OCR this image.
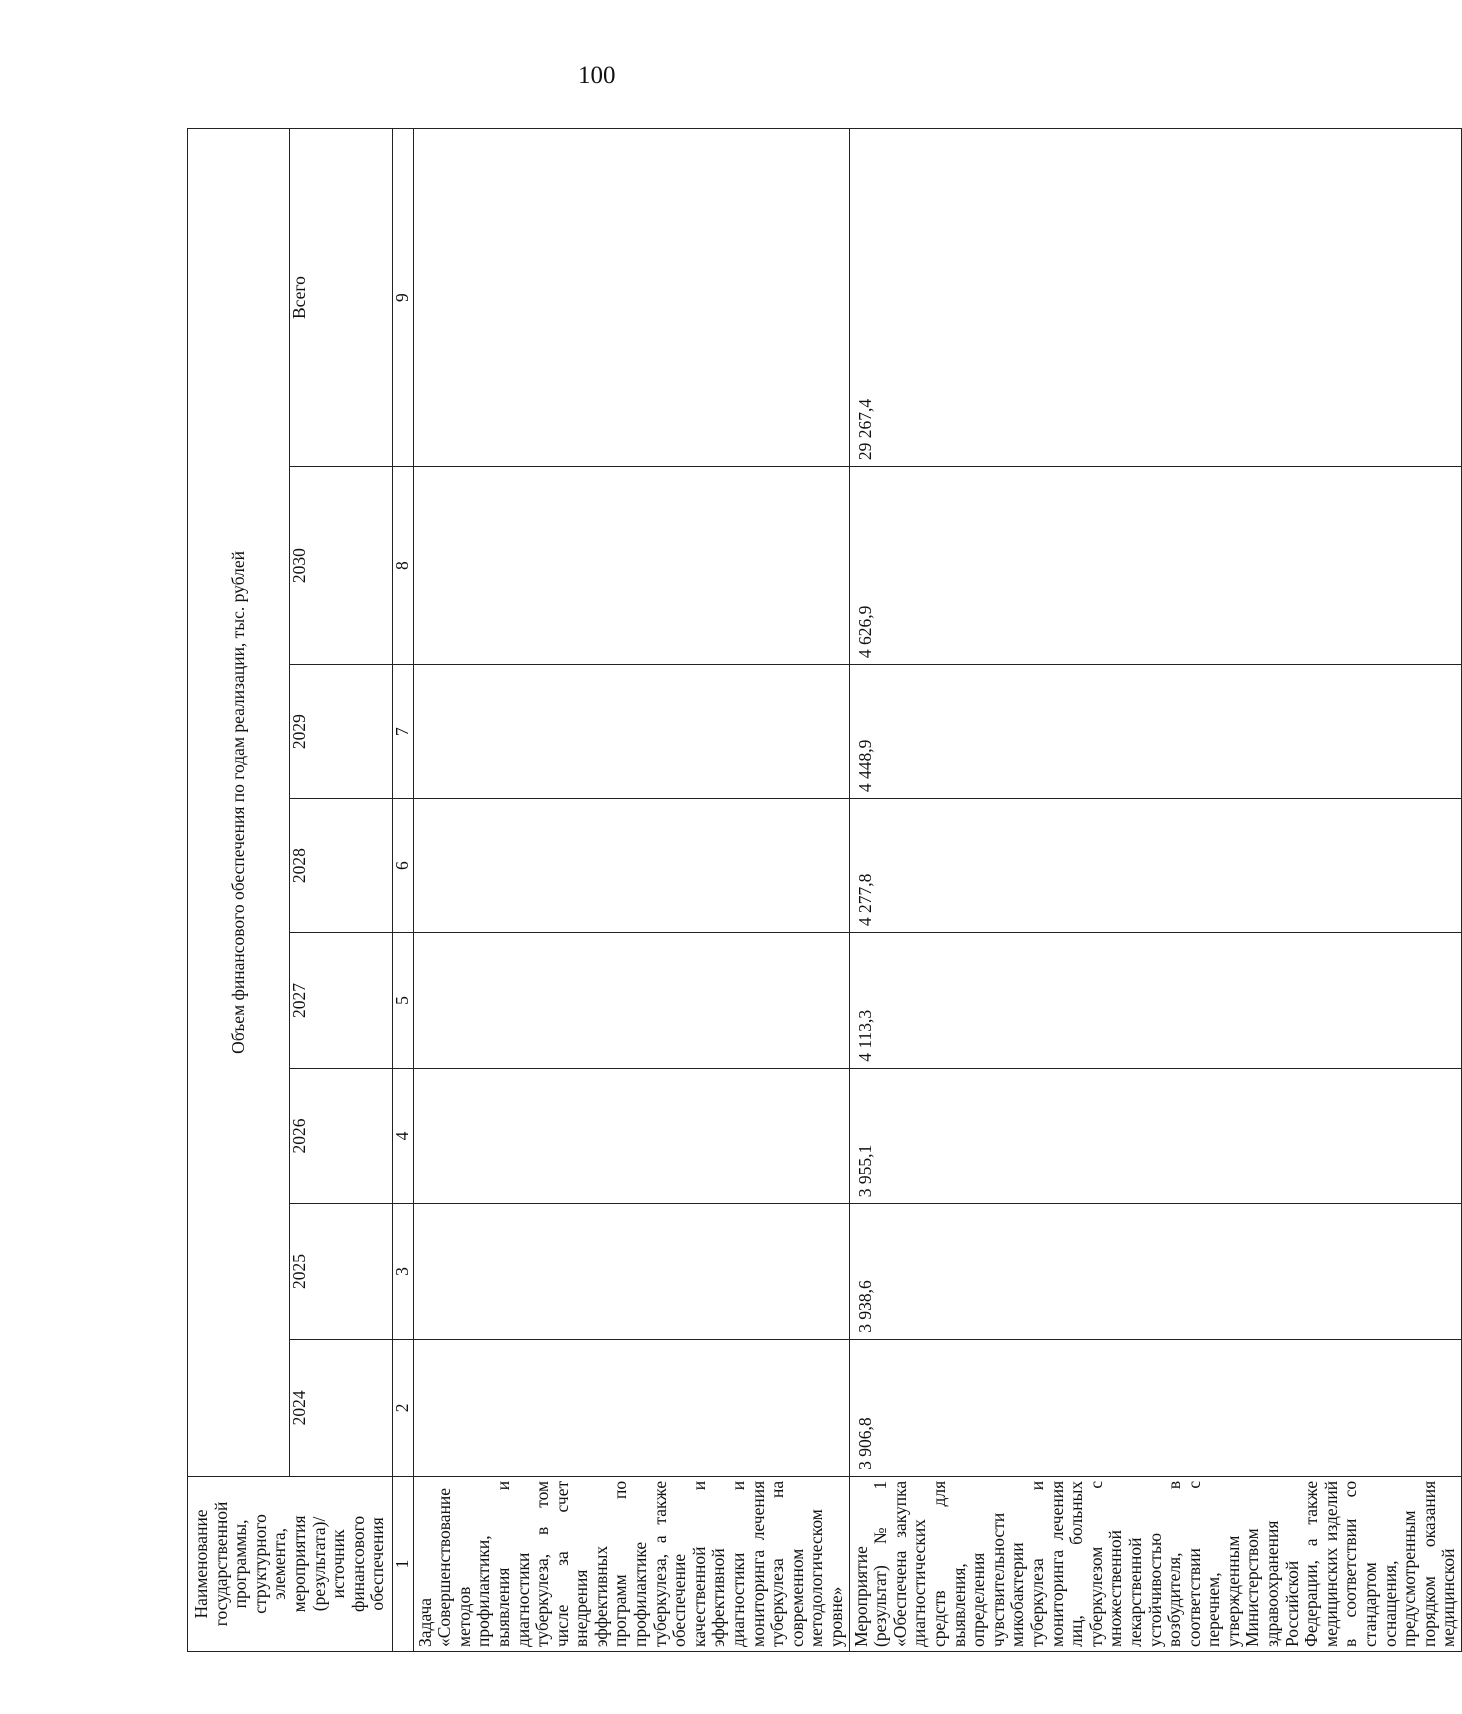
100
Наименование государственной программы, структурного элемента, мероприятия (результата)/источник финансового обеспечения	Объем финансового обеспечения по годам реализации, тыс. рублей							
	2024	2025	2026	2027	2028	2029	2030	Всего
1	2	3	4	5	6	7	8	9
Задача «Совершенствование методов профилактики, выявления и диагностики туберкулеза, в том числе за счет внедрения эффективных программ по профилактике туберкулеза, а также обеспечение качественной и эффективной диагностики и мониторинга лечения туберкулеза на современном методологическом уровне»								
Мероприятие (результат) № 1 «Обеспечена закупка диагностических средств для выявления, определения чувствительности микобактерии туберкулеза и мониторинга лечения лиц, больных туберкулезом с множественной лекарственной устойчивостью возбудителя, в соответствии с перечнем, утвержденным Министерством здравоохранения Российской Федерации, а также медицинских изделий в соответствии со стандартом оснащения, предусмотренным порядком оказания медицинской	3 906,8	3 938,6	3 955,1	4 113,3	4 277,8	4 448,9	4 626,9	29 267,4
